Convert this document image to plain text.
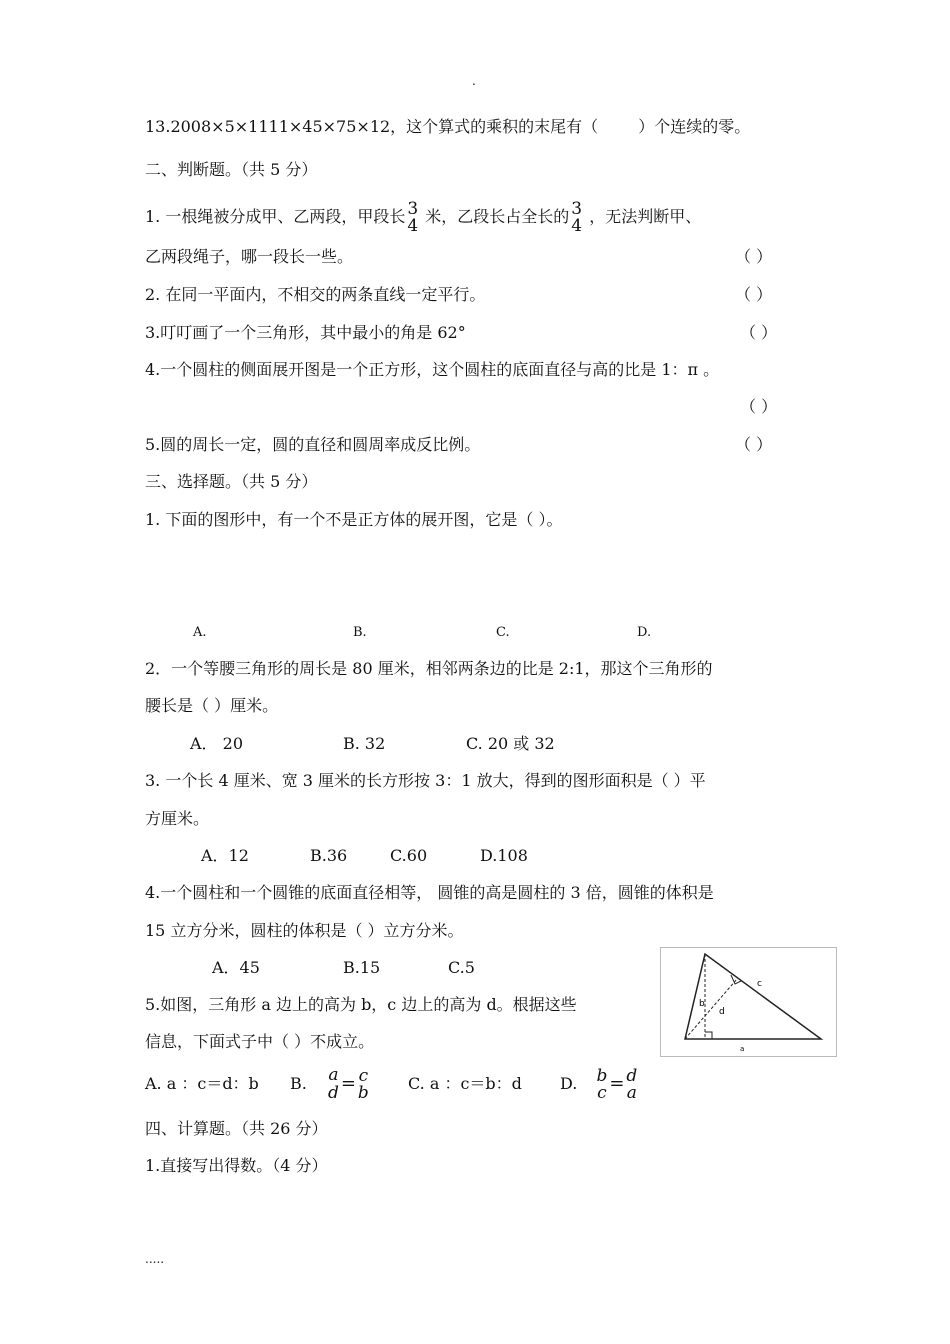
.
13.2008×5×1111×45×75×12，这个算式的乘积的末尾有（	）个连续的零。
二、判断题。（共 5 分）
1. 一根绳被分成甲、乙两段，甲段长 3
4 米，乙段长占全长的 3
4 ，无法判断甲、
乙两段绳子，哪一段长一些。	（ ）
2. 在同一平面内，不相交的两条直线一定平行。	（ ）
3.叮叮画了一个三角形，其中最小的角是 62°	（ ）
4.一个圆柱的侧面展开图是一个正方形，这个圆柱的底面直径与高的比是 1：π 。
（ ）
5.圆的周长一定，圆的直径和圆周率成反比例。	（ ）
三、选择题。（共 5 分）
1. 下面的图形中，有一个不是正方体的展开图，它是（ ）。
A.	B.	C.	D.
2．一个等腰三角形的周长是 80 厘米，相邻两条边的比是 2:1，那这个三角形的
腰长是（ ）厘米。
A． 20	B. 32	C. 20 或 32
3. 一个长 4 厘米、宽 3 厘米的长方形按 3：1 放大，得到的图形面积是（ ）平
方厘米。
A．12	B.36	C.60	D.108
4.一个圆柱和一个圆锥的底面直径相等， 圆锥的高是圆柱的 3 倍，圆锥的体积是
15 立方分米，圆柱的体积是（ ）立方分米。
A．45	B.15	C.5
c
b
d
a
5.如图，三角形 a 边上的高为 b，c 边上的高为 d。根据这些
信息，下面式子中（ ）不成立。
A. a ：c＝d：b B. $\frac{a}{d} = c$
b C. a ：c＝b：d D. b
c = d
a
四、计算题。（共 26 分）
1.直接写出得数。（4 分）
.....
